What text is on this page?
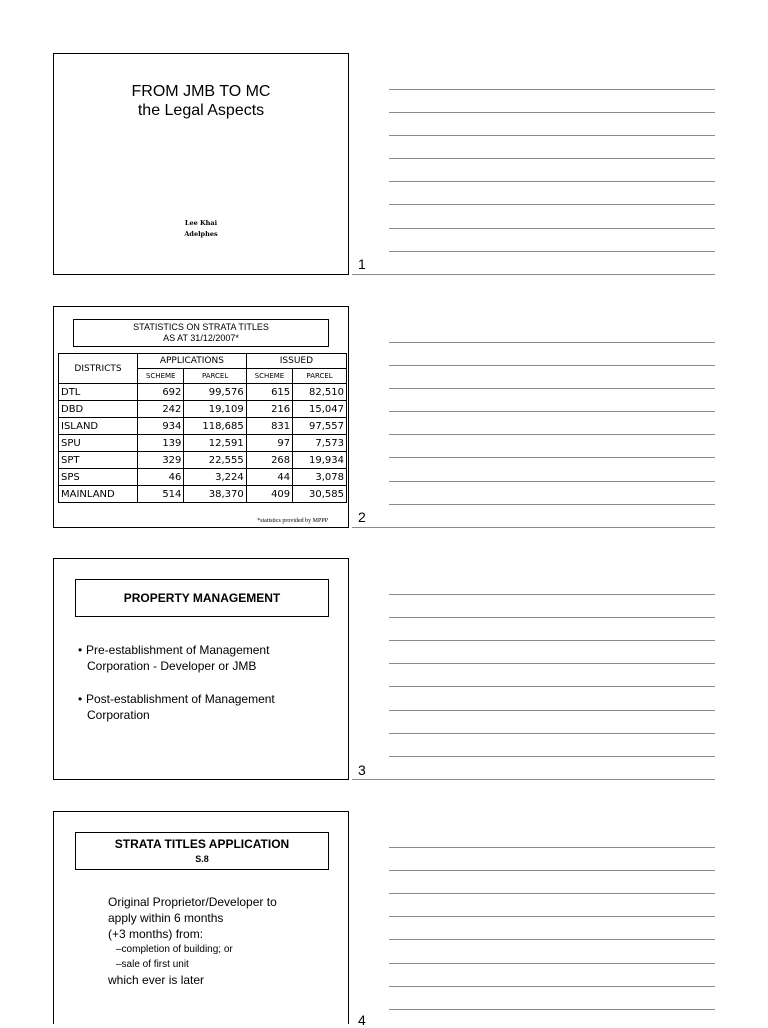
FROM JMB TO MC
the Legal Aspects
Lee Khai
Adelphes
1
STATISTICS ON STRATA TITLES
AS AT 31/12/2007*
DISTRICTS	APPLICATIONS		ISSUED	
	SCHEME	PARCEL	SCHEME	PARCEL
DTL	692	99,576	615	82,510
DBD	242	19,109	216	15,047
ISLAND	934	118,685	831	97,557
SPU	139	12,591	97	7,573
SPT	329	22,555	268	19,934
SPS	46	3,224	44	3,078
MAINLAND	514	38,370	409	30,585
*statistics provided by MPPP 2
PROPERTY MANAGEMENT
• Pre-establishment of Management
Corporation - Developer or JMB
• Post-establishment of Management
Corporation
3
STRATA TITLES APPLICATION
S.8
Original Proprietor/Developer to
apply within 6 months
(+3 months) from:
–completion of building; or
–sale of first unit
which ever is later
4
